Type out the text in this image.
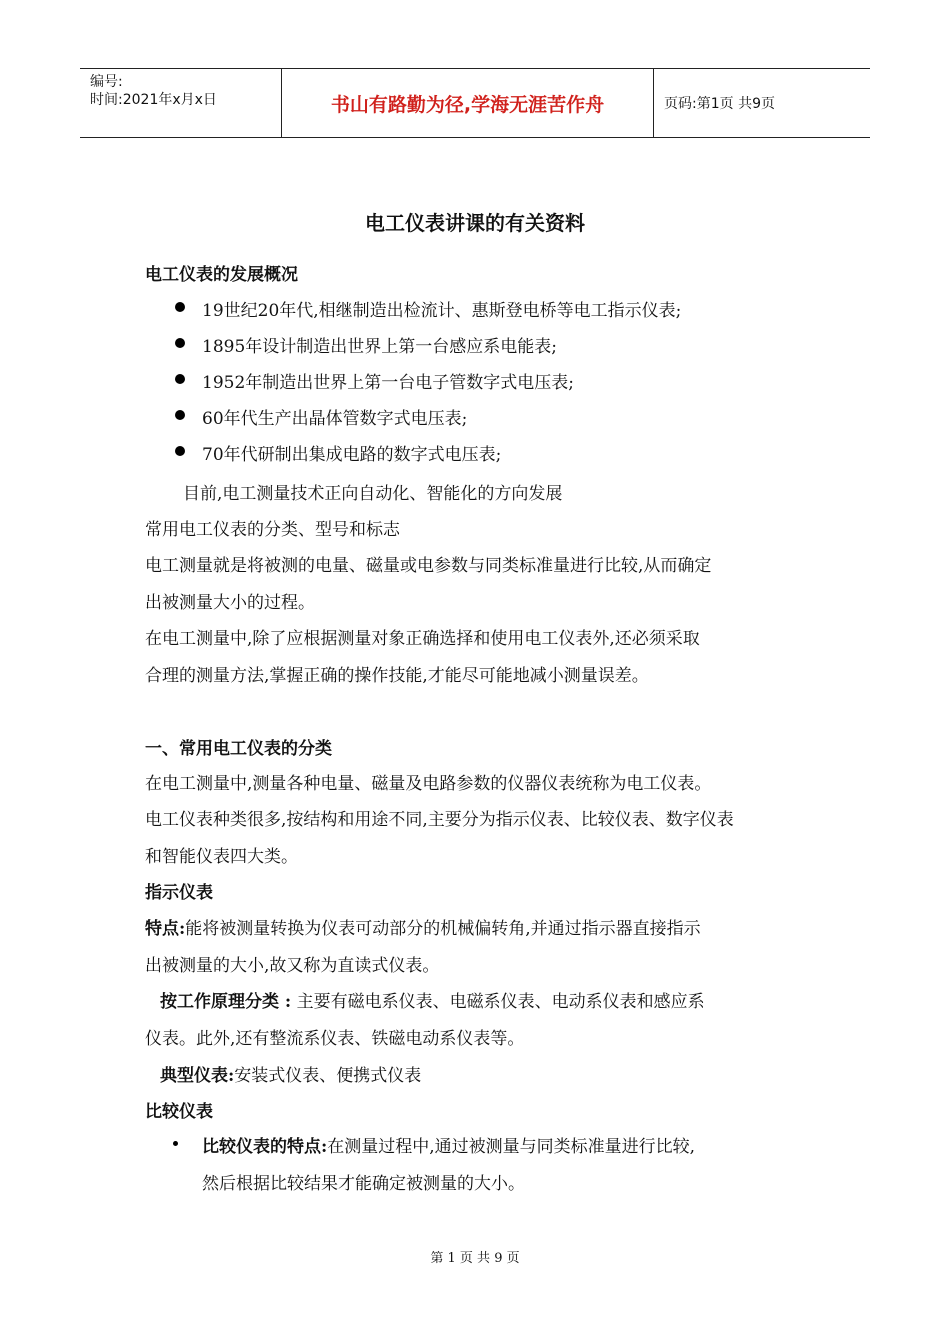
编号:
时间:2021年x月x日	书山有路勤为径,学海无涯苦作舟	页码:第1页 共9页
电工仪表讲课的有关资料
电工仪表的发展概况
19世纪20年代,相继制造出检流计、惠斯登电桥等电工指示仪表;
1895年设计制造出世界上第一台感应系电能表;
1952年制造出世界上第一台电子管数字式电压表;
60年代生产出晶体管数字式电压表;
70年代研制出集成电路的数字式电压表;
目前,电工测量技术正向自动化、智能化的方向发展
常用电工仪表的分类、型号和标志
电工测量就是将被测的电量、磁量或电参数与同类标准量进行比较,从而确定
出被测量大小的过程。
在电工测量中,除了应根据测量对象正确选择和使用电工仪表外,还必须采取
合理的测量方法,掌握正确的操作技能,才能尽可能地减小测量误差。
一、常用电工仪表的分类
在电工测量中,测量各种电量、磁量及电路参数的仪器仪表统称为电工仪表。
电工仪表种类很多,按结构和用途不同,主要分为指示仪表、比较仪表、数字仪表
和智能仪表四大类。
指示仪表
特点:能将被测量转换为仪表可动部分的机械偏转角,并通过指示器直接指示
出被测量的大小,故又称为直读式仪表。
按工作原理分类 : 主要有磁电系仪表、电磁系仪表、电动系仪表和感应系
仪表。此外,还有整流系仪表、铁磁电动系仪表等。
典型仪表:安装式仪表、便携式仪表
比较仪表
比较仪表的特点:在测量过程中,通过被测量与同类标准量进行比较,
然后根据比较结果才能确定被测量的大小。
第 1 页 共 9 页
